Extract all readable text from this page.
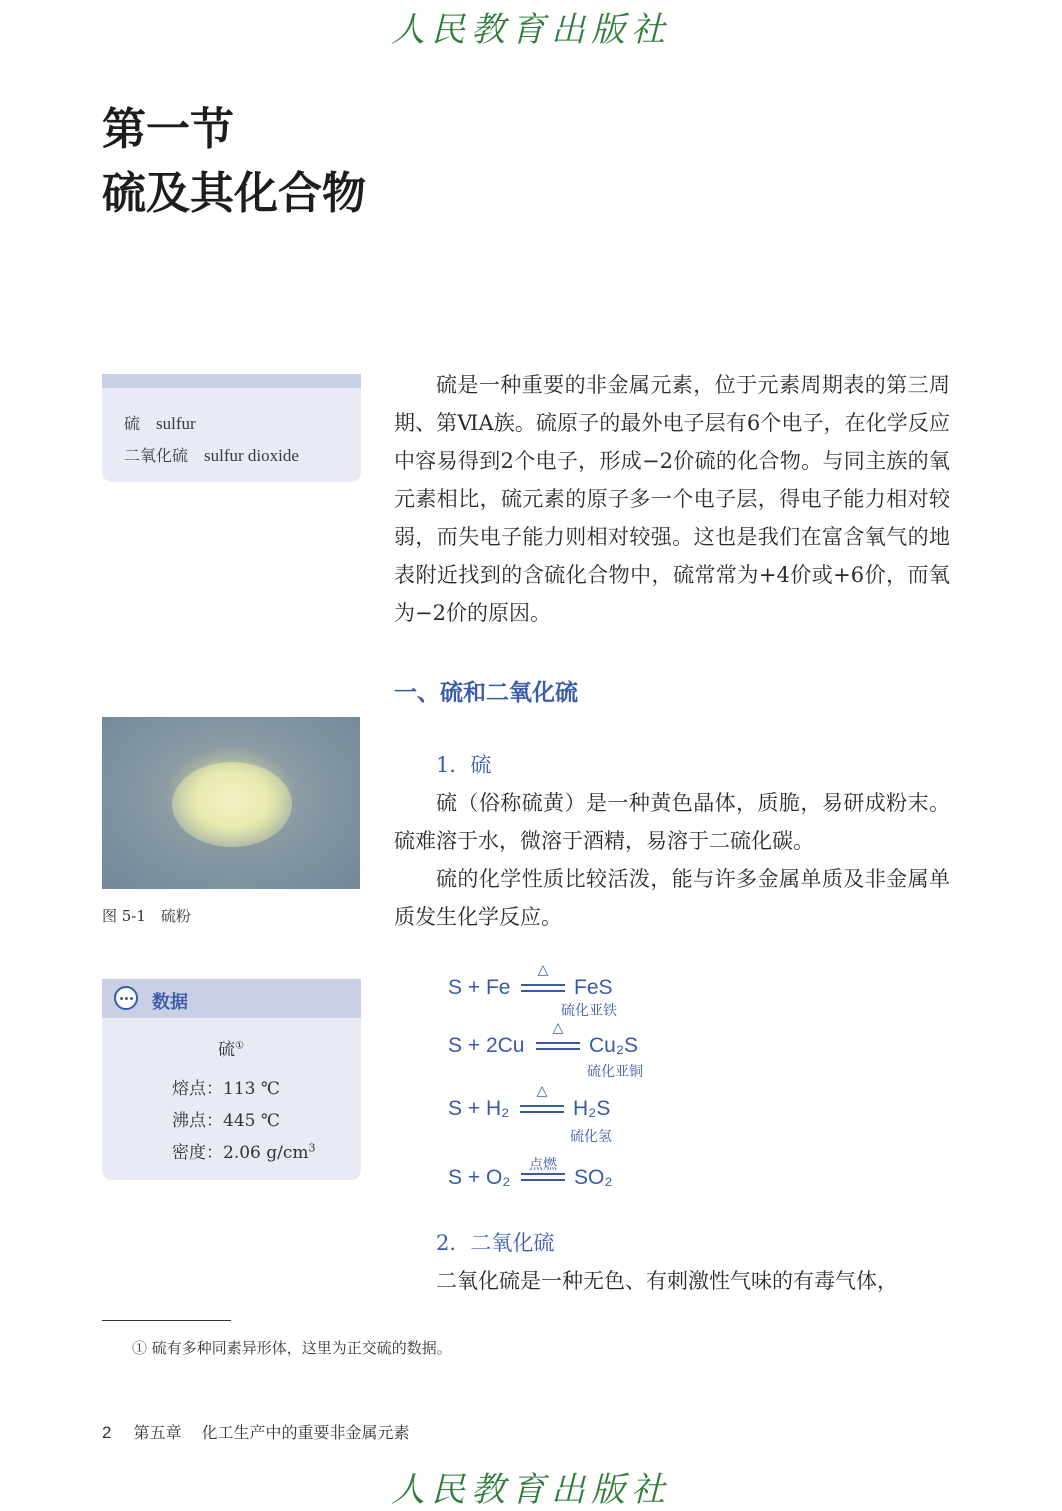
人民教育出版社
第一节
硫及其化合物
硫 sulfur
二氧化硫 sulfur dioxide

硫是一种重要的非金属元素，位于元素周期表的第三周期、第ⅥA族。硫原子的最外电子层有6个电子，在化学反应中容易得到2个电子，形成−2价硫的化合物。与同主族的氧元素相比，硫元素的原子多一个电子层，得电子能力相对较弱，而失电子能力则相对较强。这也是我们在富含氧气的地表附近找到的含硫化合物中，硫常常为+4价或+6价，而氧为−2价的原因。

一、硫和二氧化硫
图 5-1　硫粉

1．硫

硫（俗称硫黄）是一种黄色晶体，质脆，易研成粉末。硫难溶于水，微溶于酒精，易溶于二硫化碳。

硫的化学性质比较活泼，能与许多金属单质及非金属单质发生化学反应。

数据
硫①
熔点：113 ℃
沸点：445 ℃
密度：2.06 $g/cm^3$
S + Fe
△
FeS
硫化亚铁
S + 2Cu
△
Cu₂S
硫化亚铜
S + H₂
△
H₂S
硫化氢
S + O₂
点燃
SO₂

2．二氧化硫

二氧化硫是一种无色、有刺激性气味的有毒气体，

① 硫有多种同素异形体，这里为正交硫的数据。
2 第五章 化工生产中的重要非金属元素
人民教育出版社
